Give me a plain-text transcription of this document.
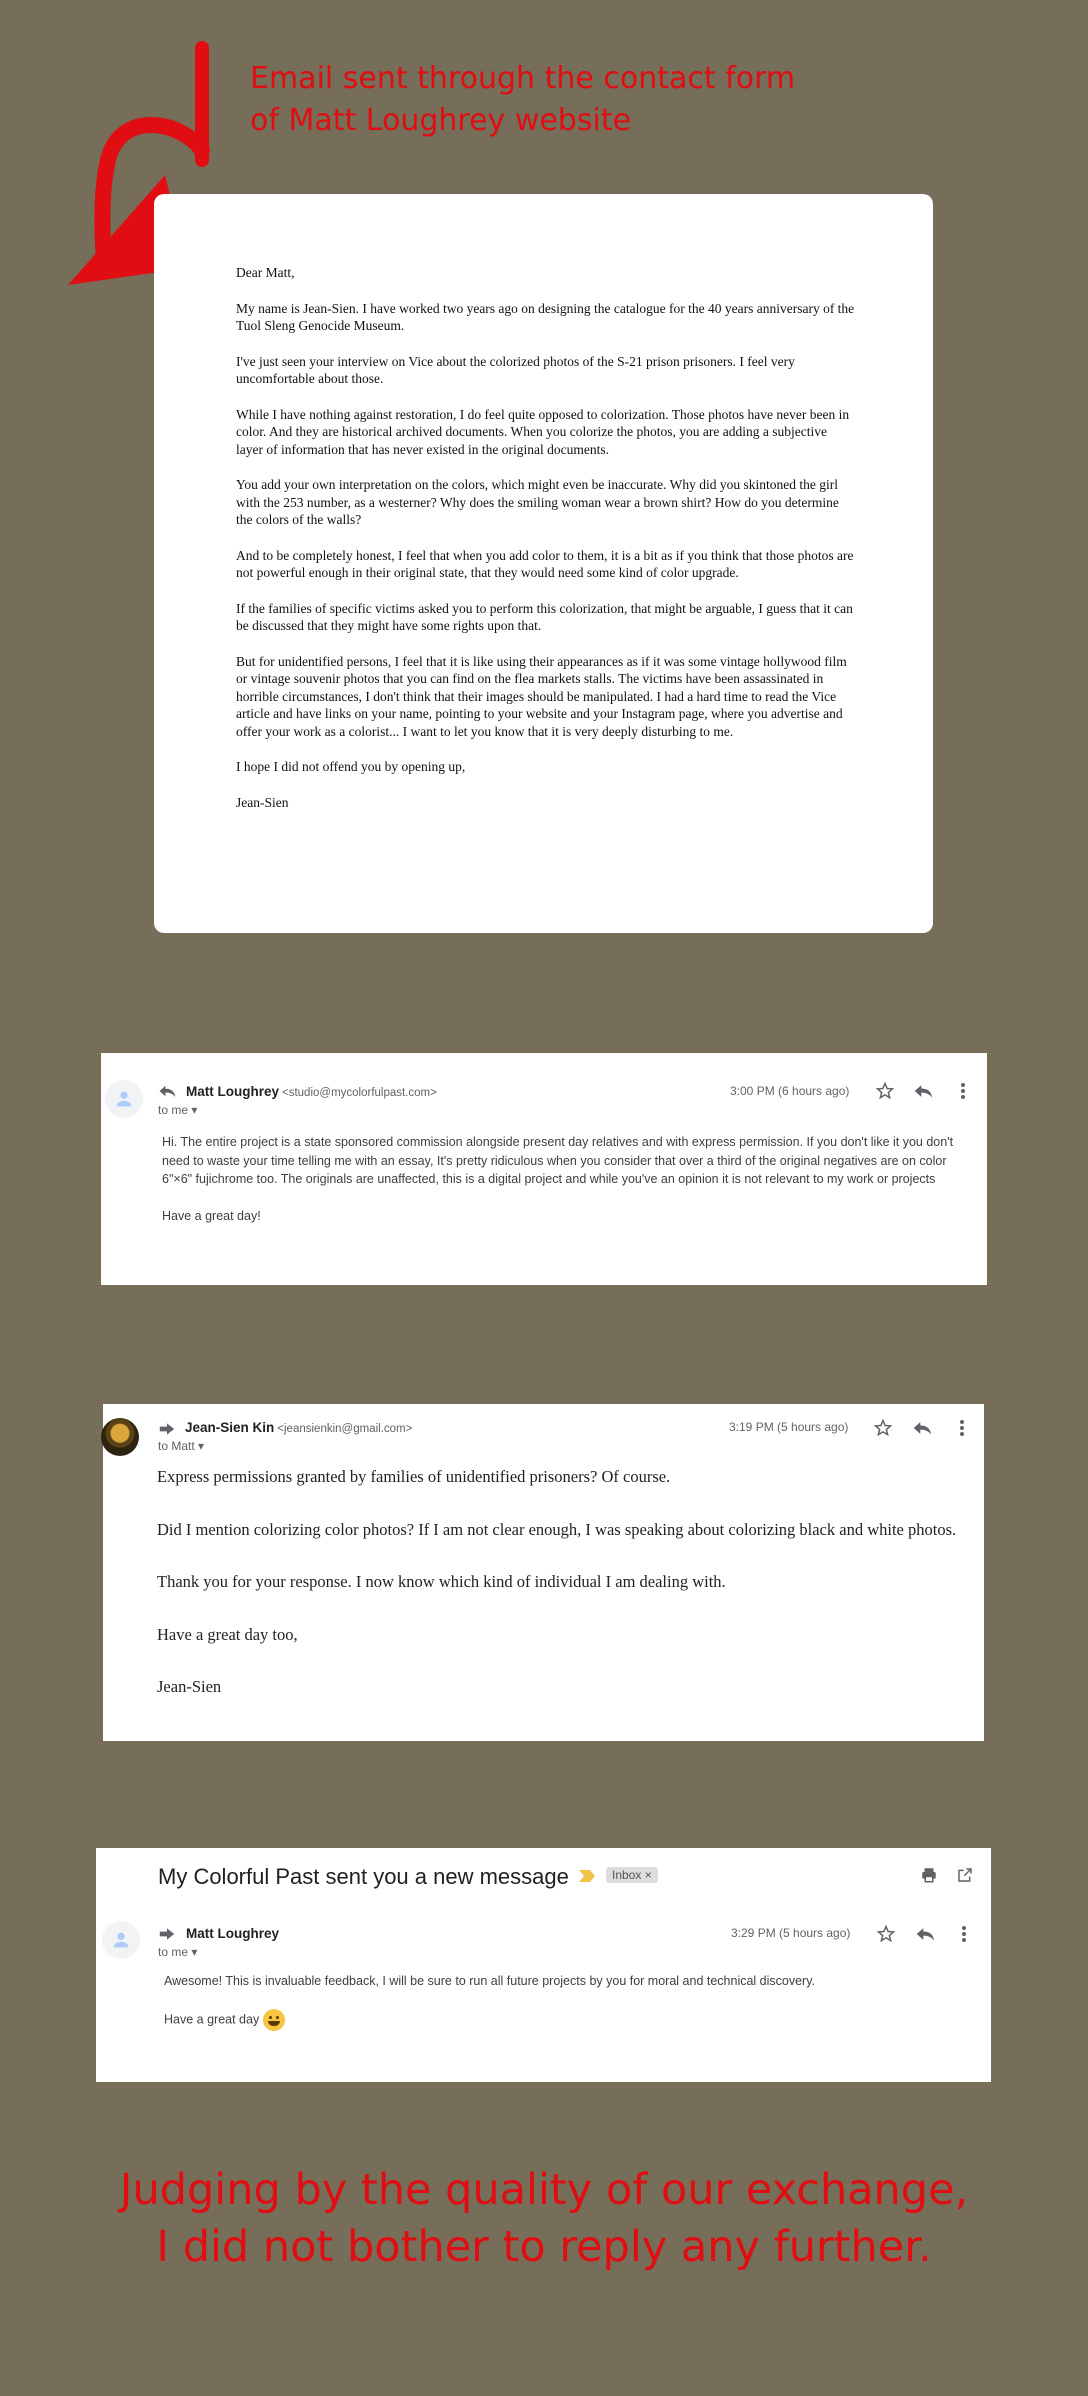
Email sent through the contact form
of Matt Loughrey website

Dear Matt,

My name is Jean-Sien. I have worked two years ago on designing the catalogue for the 40 years anniversary of the Tuol Sleng Genocide Museum.

I've just seen your interview on Vice about the colorized photos of the S-21 prison prisoners. I feel very uncomfortable about those.

While I have nothing against restoration, I do feel quite opposed to colorization. Those photos have never been in color. And they are historical archived documents. When you colorize the photos, you are adding a subjective layer of information that has never existed in the original documents.

You add your own interpretation on the colors, which might even be inaccurate. Why did you skintoned the girl with the 253 number, as a westerner? Why does the smiling woman wear a brown shirt? How do you determine the colors of the walls?

And to be completely honest, I feel that when you add color to them, it is a bit as if you think that those photos are not powerful enough in their original state, that they would need some kind of color upgrade.

If the families of specific victims asked you to perform this colorization, that might be arguable, I guess that it can be discussed that they might have some rights upon that.

But for unidentified persons, I feel that it is like using their appearances as if it was some vintage hollywood film or vintage souvenir photos that you can find on the flea markets stalls. The victims have been assassinated in horrible circumstances, I don't think that their images should be manipulated. I had a hard time to read the Vice article and have links on your name, pointing to your website and your Instagram page, where you advertise and offer your work as a colorist... I want to let you know that it is very deeply disturbing to me.

I hope I did not offend you by opening up,

Jean-Sien

Matt Loughrey <studio@mycolorfulpast.com>
to me ▾
3:00 PM (6 hours ago)

Hi. The entire project is a state sponsored commission alongside present day relatives and with express permission. If you don't like it you don't need to waste your time telling me with an essay, It's pretty ridiculous when you consider that over a third of the original negatives are on color 6"×6" fujichrome too. The originals are unaffected, this is a digital project and while you've an opinion it is not relevant to my work or projects

Have a great day!

Jean-Sien Kin <jeansienkin@gmail.com>
to Matt ▾
3:19 PM (5 hours ago)

Express permissions granted by families of unidentified prisoners? Of course.

Did I mention colorizing color photos? If I am not clear enough, I was speaking about colorizing black and white photos.

Thank you for your response. I now know which kind of individual I am dealing with.

Have a great day too,

Jean-Sien

My Colorful Past sent you a new message	Inbox ×
Matt Loughrey
to me ▾
3:29 PM (5 hours ago)
Awesome! This is invaluable feedback, I will be sure to run all future projects by you for moral and technical discovery.
Have a great day
Judging by the quality of our exchange,
I did not bother to reply any further.
